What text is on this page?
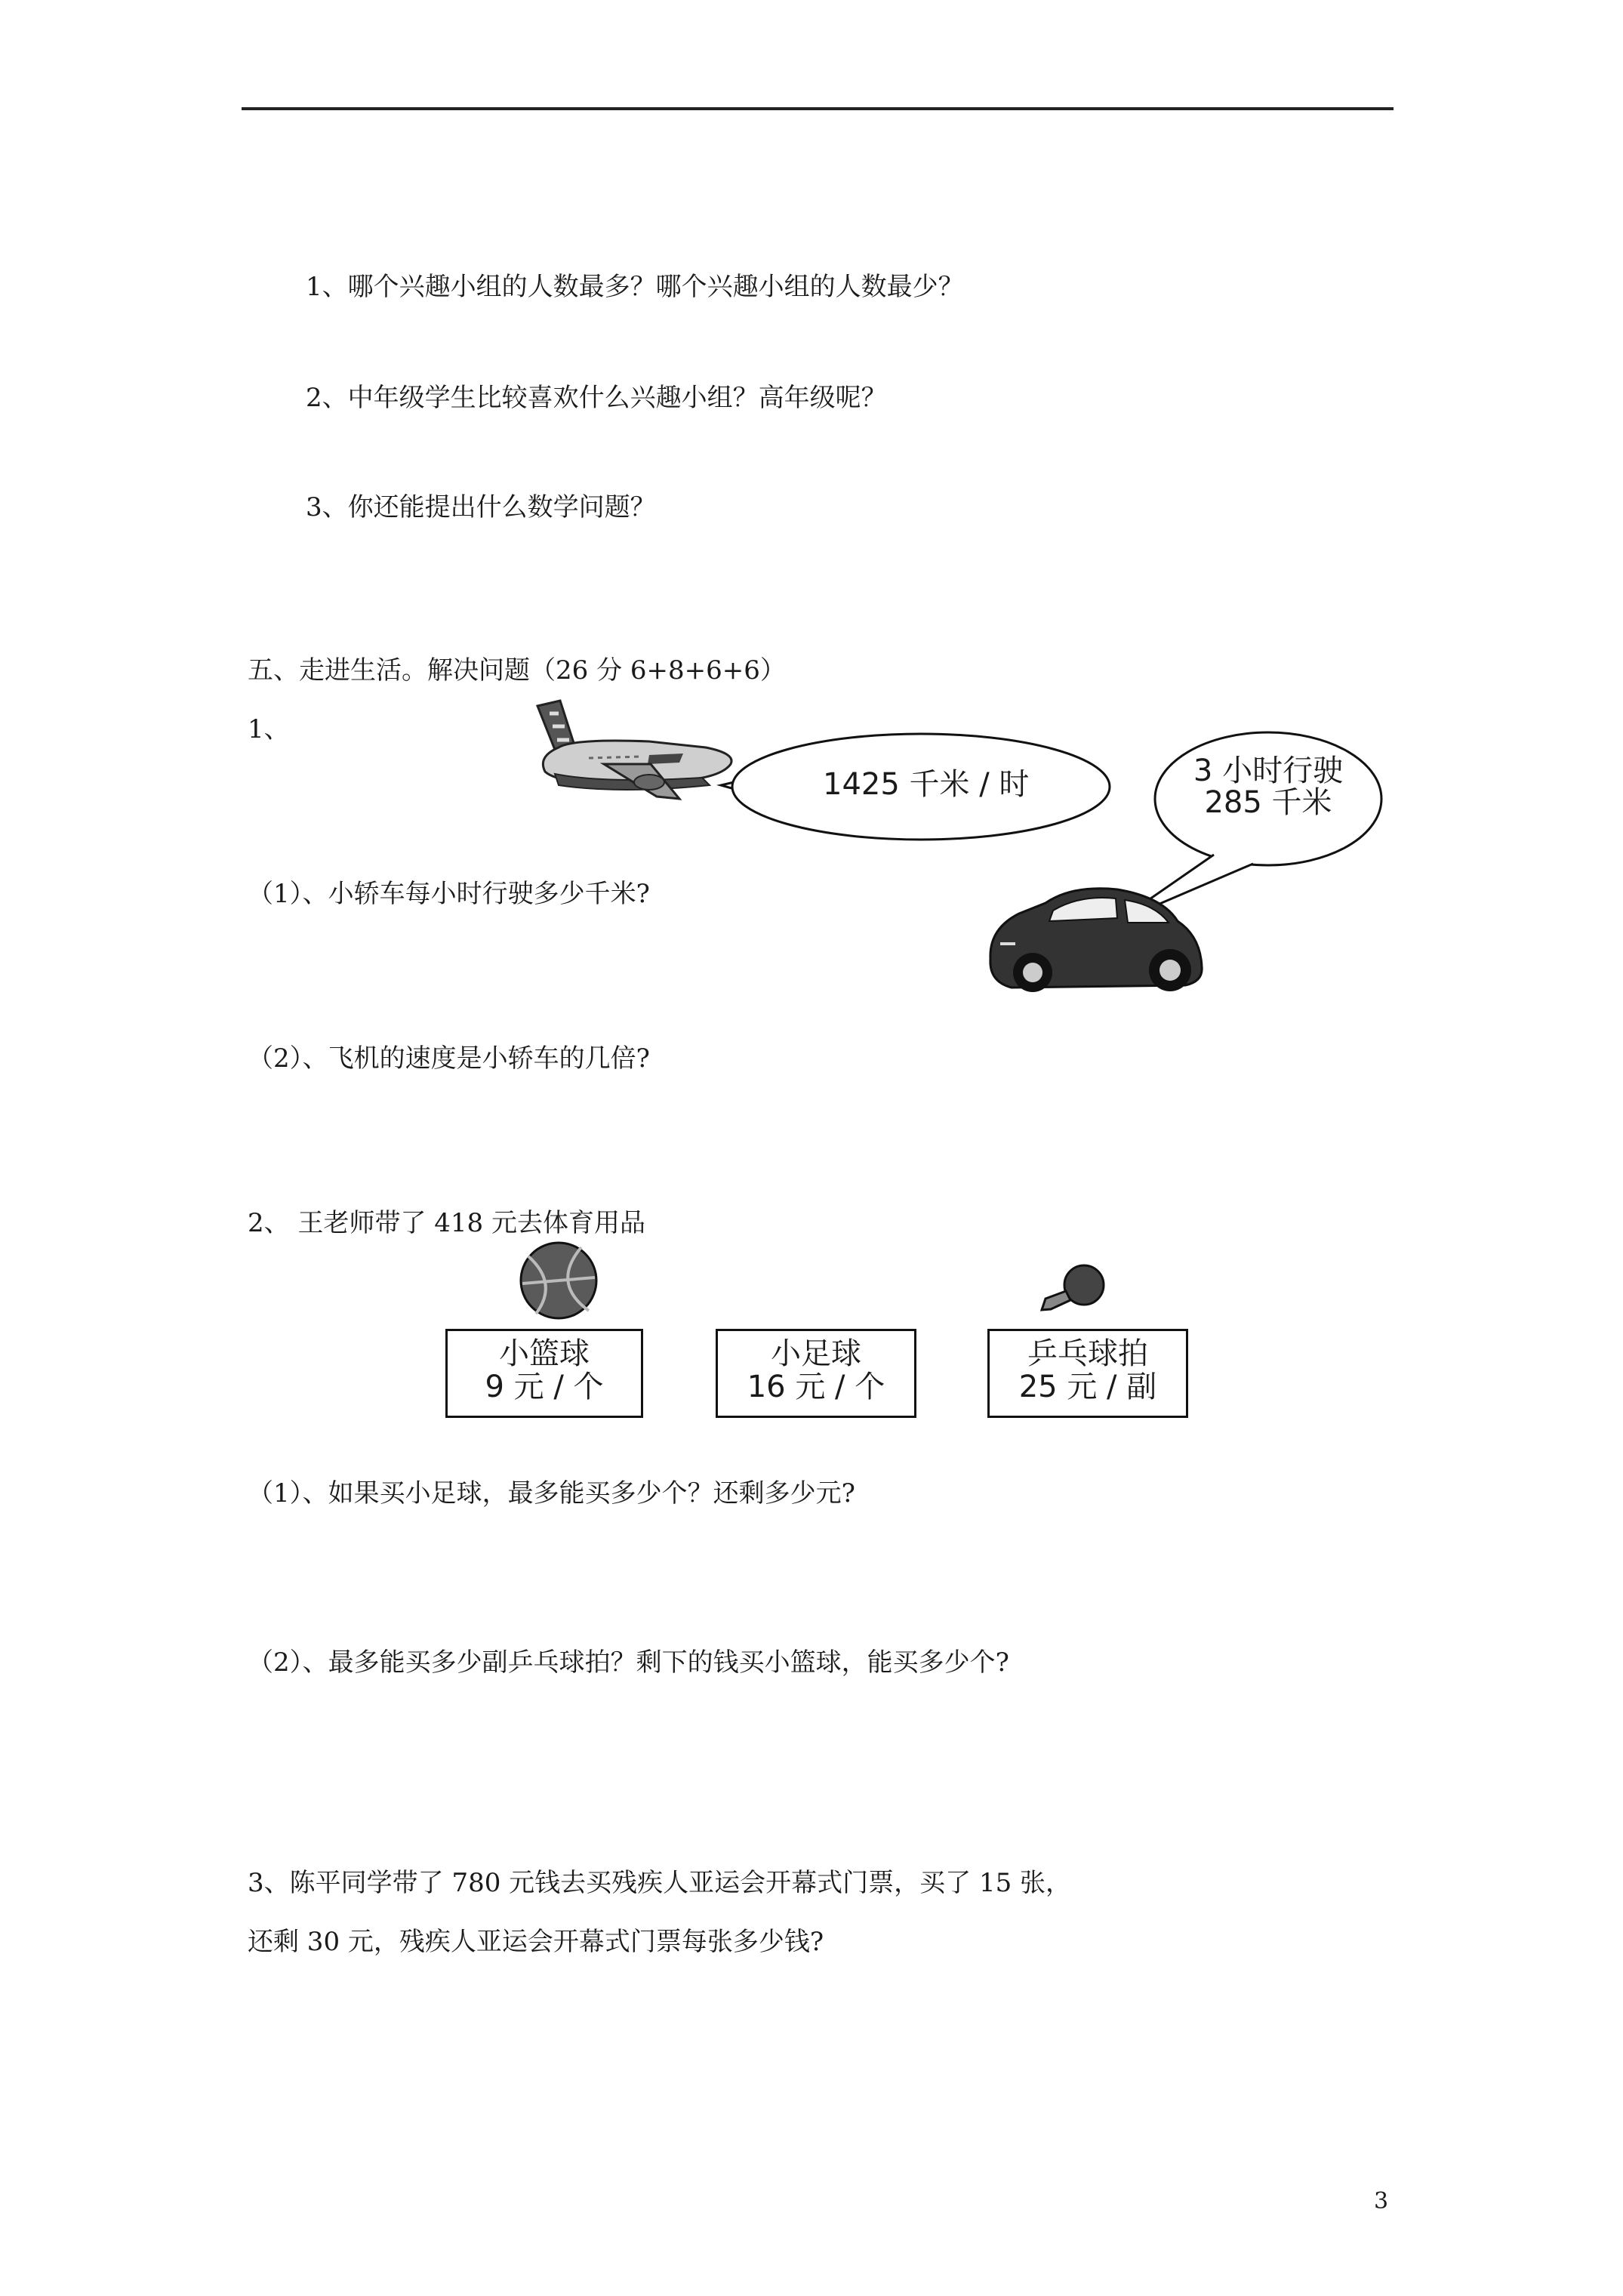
1、哪个兴趣小组的人数最多？哪个兴趣小组的人数最少？
2、中年级学生比较喜欢什么兴趣小组？高年级呢？
3、你还能提出什么数学问题？
五、走进生活。解决问题（26 分 6+8+6+6）
1、
1425 千米 / 时	3 小时行驶
285 千米
（1）、小轿车每小时行驶多少千米?
（2）、飞机的速度是小轿车的几倍?
2、 王老师带了 418 元去体育用品
小篮球
9 元 / 个
小足球
16 元 / 个
乒乓球拍
25 元 / 副
（1）、如果买小足球，最多能买多少个？还剩多少元?
（2）、最多能买多少副乒乓球拍？剩下的钱买小篮球，能买多少个?
3、陈平同学带了 780 元钱去买残疾人亚运会开幕式门票，买了 15 张，
还剩 30 元，残疾人亚运会开幕式门票每张多少钱?
3
